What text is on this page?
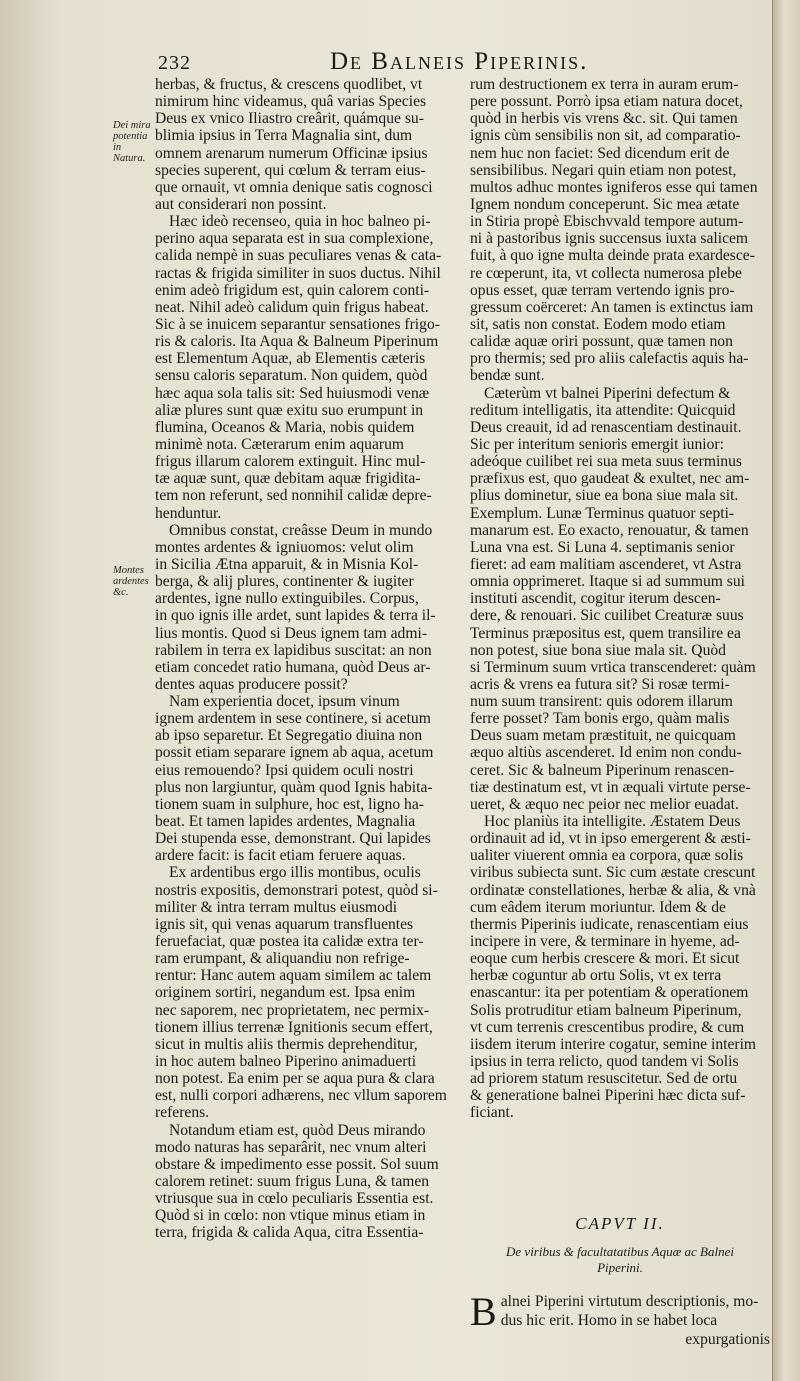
232	De Balneis Piperinis.
Dei mira potentia in Natura.
Montes ardentes &c.
herbas, & fructus, & crescens quodlibet, vt
nimirum hinc videamus, quâ varias Species
Deus ex vnico Iliastro creârit, quámque su-
blimia ipsius in Terra Magnalia sint, dum
omnem arenarum numerum Officinæ ipsius
species superent, qui cœlum & terram eius-
que ornauit, vt omnia denique satis cognosci
aut considerari non possint.
Hæc ideò recenseo, quia in hoc balneo pi-
perino aqua separata est in sua complexione,
calida nempè in suas peculiares venas & cata-
ractas & frigida similiter in suos ductus. Nihil
enim adeò frigidum est, quin calorem conti-
neat. Nihil adeò calidum quin frigus habeat.
Sic à se inuicem separantur sensationes frigo-
ris & caloris. Ita Aqua & Balneum Piperinum
est Elementum Aquæ, ab Elementis cæteris
sensu caloris separatum. Non quidem, quòd
hæc aqua sola talis sit: Sed huiusmodi venæ
aliæ plures sunt quæ exitu suo erumpunt in
flumina, Oceanos & Maria, nobis quidem
minimè nota. Cæterarum enim aquarum
frigus illarum calorem extinguit. Hinc mul-
tæ aquæ sunt, quæ debitam aquæ frigidita-
tem non referunt, sed nonnihil calidæ depre-
henduntur.
Omnibus constat, creâsse Deum in mundo
montes ardentes & igniuomos: velut olim
in Sicilia Ætna apparuit, & in Misnia Kol-
berga, & alij plures, continenter & iugiter
ardentes, igne nullo extinguibiles. Corpus,
in quo ignis ille ardet, sunt lapides & terra il-
lius montis. Quod si Deus ignem tam admi-
rabilem in terra ex lapidibus suscitat: an non
etiam concedet ratio humana, quòd Deus ar-
dentes aquas producere possit?
Nam experientia docet, ipsum vinum
ignem ardentem in sese continere, si acetum
ab ipso separetur. Et Segregatio diuina non
possit etiam separare ignem ab aqua, acetum
eius remouendo? Ipsi quidem oculi nostri
plus non largiuntur, quàm quod Ignis habita-
tionem suam in sulphure, hoc est, ligno ha-
beat. Et tamen lapides ardentes, Magnalia
Dei stupenda esse, demonstrant. Qui lapides
ardere facit: is facit etiam feruere aquas.
Ex ardentibus ergo illis montibus, oculis
nostris expositis, demonstrari potest, quòd si-
militer & intra terram multus eiusmodi
ignis sit, qui venas aquarum transfluentes
feruefaciat, quæ postea ita calidæ extra ter-
ram erumpant, & aliquandiu non refrige-
rentur: Hanc autem aquam similem ac talem
originem sortiri, negandum est. Ipsa enim
nec saporem, nec proprietatem, nec permix-
tionem illius terrenæ Ignitionis secum effert,
sicut in multis aliis thermis deprehenditur,
in hoc autem balneo Piperino animaduerti
non potest. Ea enim per se aqua pura & clara
est, nulli corpori adhærens, nec vllum saporem
referens.
Notandum etiam est, quòd Deus mirando
modo naturas has separârit, nec vnum alteri
obstare & impedimento esse possit. Sol suum
calorem retinet: suum frigus Luna, & tamen
vtriusque sua in cœlo peculiaris Essentia est.
Quòd si in cœlo: non vtique minus etiam in
terra, frigida & calida Aqua, citra Essentia-
rum destructionem ex terra in auram erum-
pere possunt. Porrò ipsa etiam natura docet,
quòd in herbis vis vrens &c. sit. Qui tamen
ignis cùm sensibilis non sit, ad comparatio-
nem huc non faciet: Sed dicendum erit de
sensibilibus. Negari quin etiam non potest,
multos adhuc montes igniferos esse qui tamen
Ignem nondum conceperunt. Sic mea ætate
in Stiria propè Ebischvvald tempore autum-
ni à pastoribus ignis succensus iuxta salicem
fuit, à quo igne multa deinde prata exardesce-
re cœperunt, ita, vt collecta numerosa plebe
opus esset, quæ terram vertendo ignis pro-
gressum coërceret: An tamen is extinctus iam
sit, satis non constat. Eodem modo etiam
calidæ aquæ oriri possunt, quæ tamen non
pro thermis; sed pro aliis calefactis aquis ha-
bendæ sunt.
Cæterùm vt balnei Piperini defectum &
reditum intelligatis, ita attendite: Quicquid
Deus creauit, id ad renascentiam destinauit.
Sic per interitum senioris emergit iunior:
adeóque cuilibet rei sua meta suus terminus
præfixus est, quo gaudeat & exultet, nec am-
plius dominetur, siue ea bona siue mala sit.
Exemplum. Lunæ Terminus quatuor septi-
manarum est. Eo exacto, renouatur, & tamen
Luna vna est. Si Luna 4. septimanis senior
fieret: ad eam malitiam ascenderet, vt Astra
omnia opprimeret. Itaque si ad summum sui
instituti ascendit, cogitur iterum descen-
dere, & renouari. Sic cuilibet Creaturæ suus
Terminus præpositus est, quem transilire ea
non potest, siue bona siue mala sit. Quòd
si Terminum suum vrtica transcenderet: quàm
acris & vrens ea futura sit? Si rosæ termi-
num suum transirent: quis odorem illarum
ferre posset? Tam bonis ergo, quàm malis
Deus suam metam præstituit, ne quicquam
æquo altiùs ascenderet. Id enim non condu-
ceret. Sic & balneum Piperinum renascen-
tiæ destinatum est, vt in æquali virtute perse-
ueret, & æquo nec peior nec melior euadat.
Hoc planiùs ita intelligite. Æstatem Deus
ordinauit ad id, vt in ipso emergerent & æsti-
ualiter viuerent omnia ea corpora, quæ solis
viribus subiecta sunt. Sic cum æstate crescunt
ordinatæ constellationes, herbæ & alia, & vnà
cum eâdem iterum moriuntur. Idem & de
thermis Piperinis iudicate, renascentiam eius
incipere in vere, & terminare in hyeme, ad-
eoque cum herbis crescere & mori. Et sicut
herbæ coguntur ab ortu Solis, vt ex terra
enascantur: ita per potentiam & operationem
Solis protruditur etiam balneum Piperinum,
vt cum terrenis crescentibus prodire, & cum
iisdem iterum interire cogatur, semine interim
ipsius in terra relicto, quod tandem vi Solis
ad priorem statum resuscitetur. Sed de ortu
& generatione balnei Piperini hæc dicta suf-
ficiant.
CAPVT II.
De viribus & facultatatibus Aquæ ac Balnei
Piperini.
B alnei Piperini virtutum descriptionis, mo-
dus hic erit. Homo in se habet loca
expurgationis
